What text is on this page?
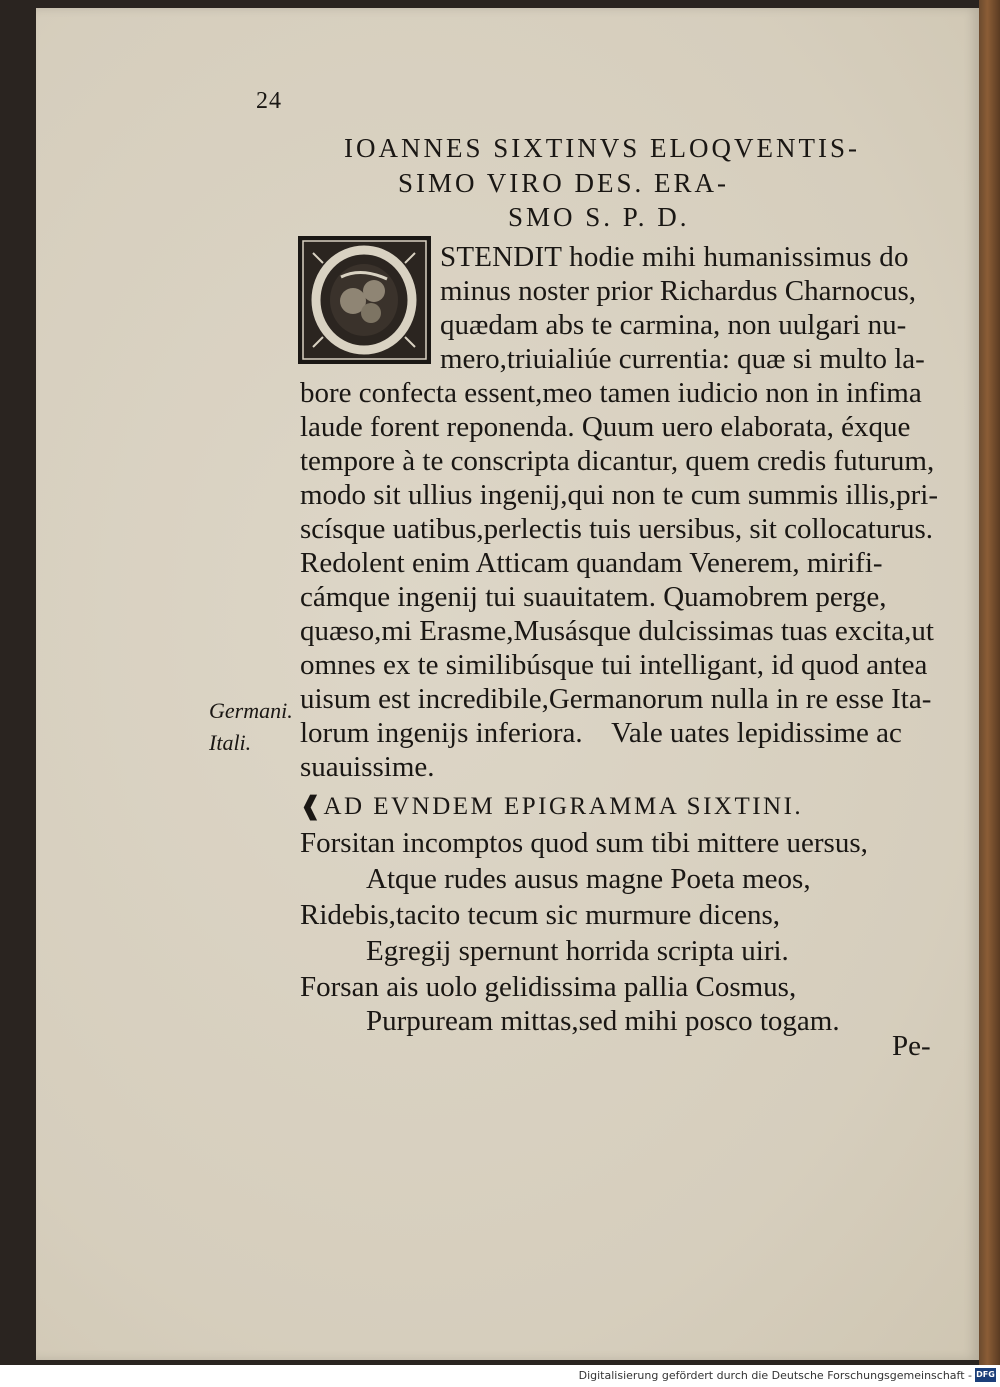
24
IOANNES SIXTINVS ELOQVENTIS-
SIMO VIRO DES. ERA-
SMO S. P. D.
STENDIT hodie mihi humanissimus do
minus noster prior Richardus Charnocus,
quædam abs te carmina, non uulgari nu-
mero,triuialiúe currentia: quæ si multo la-
bore confecta essent,meo tamen iudicio non in infima
laude forent reponenda. Quum uero elaborata, éxque
tempore à te conscripta dicantur, quem credis futurum,
modo sit ullius ingenij,qui non te cum summis illis,pri-
scísque uatibus,perlectis tuis uersibus, sit collocaturus.
Redolent enim Atticam quandam Venerem, mirifi-
cámque ingenij tui suauitatem. Quamobrem perge,
quæso,mi Erasme,Musásque dulcissimas tuas excita,ut
omnes ex te similibúsque tui intelligant, id quod antea
uisum est incredibile,Germanorum nulla in re esse Ita-
lorum ingenijs inferiora.    Vale uates lepidissime ac
suauissime.
Germani.
Itali.
❰AD EVNDEM EPIGRAMMA SIXTINI.
Forsitan incomptos quod sum tibi mittere uersus,
Atque rudes ausus magne Poeta meos,
Ridebis,tacito tecum sic murmure dicens,
Egregij spernunt horrida scripta uiri.
Forsan ais uolo gelidissima pallia Cosmus,
Purpuream mittas,sed mihi posco togam.
Pe-
Digitalisierung gefördert durch die Deutsche Forschungsgemeinschaft - DFG
